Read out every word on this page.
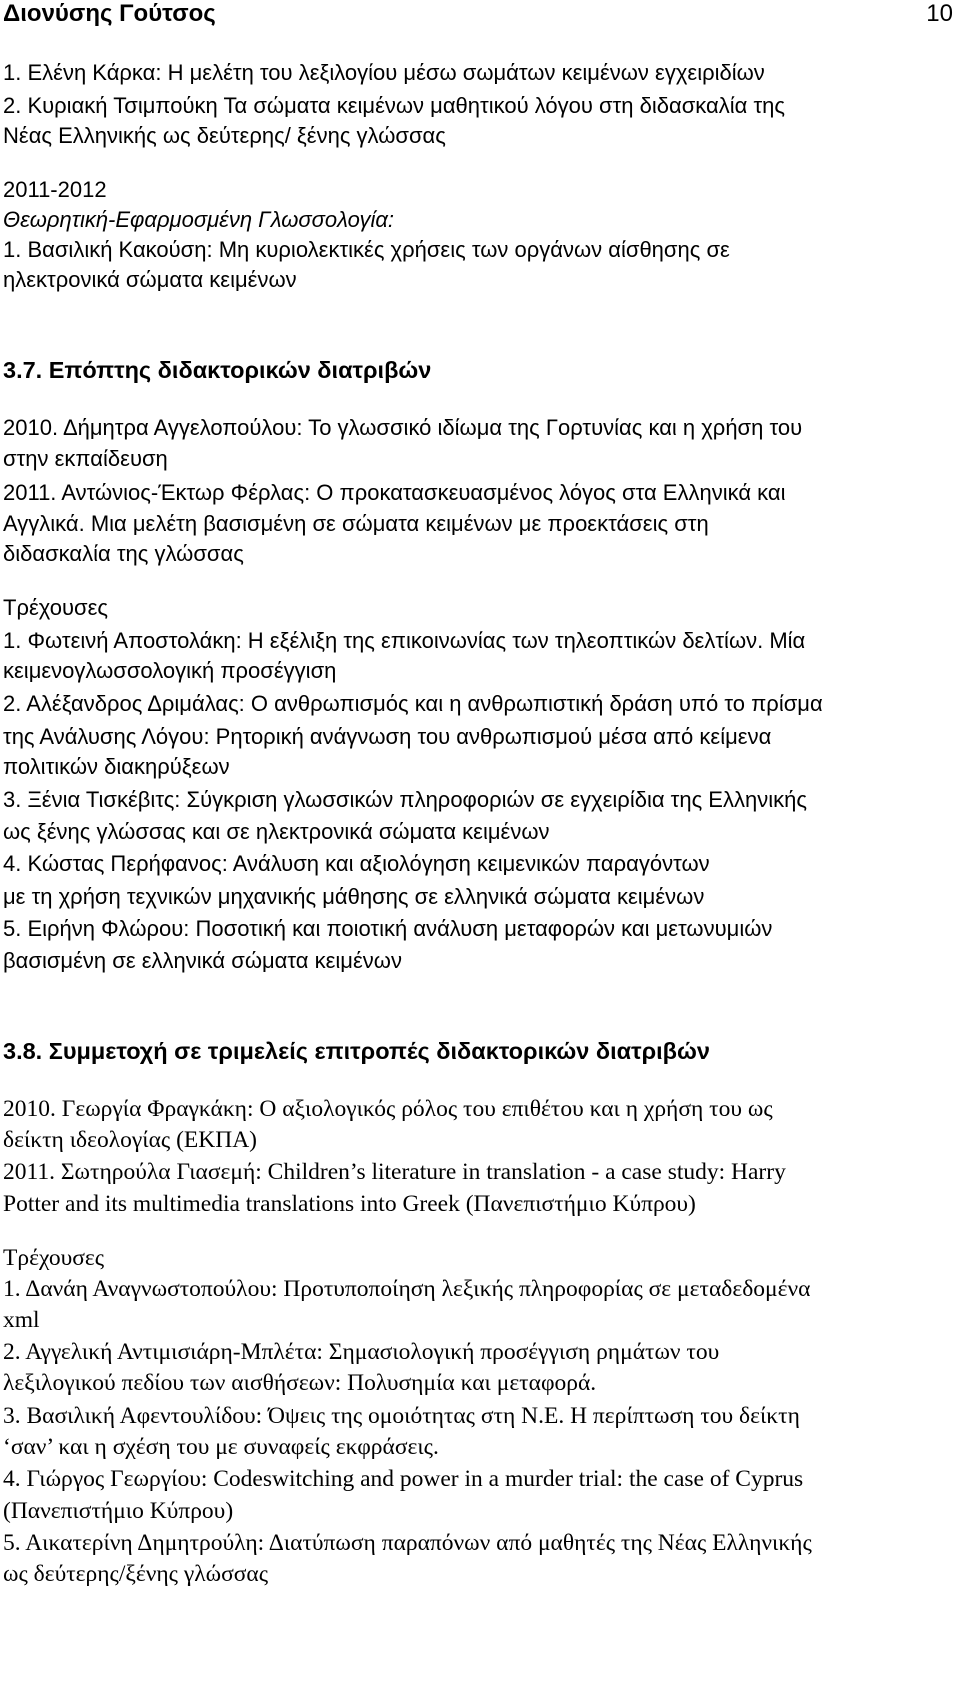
Διονύσης Γούτσος	10
1. Ελένη Κάρκα: Η μελέτη του λεξιλογίου μέσω σωμάτων κειμένων εγχειριδίων
2. Κυριακή Τσιμπούκη Τα σώματα κειμένων μαθητικού λόγου στη διδασκαλία της
Νέας Ελληνικής ως δεύτερης/ ξένης γλώσσας
2011-2012
Θεωρητική-Εφαρμοσμένη Γλωσσολογία:
1. Βασιλική Κακούση: Μη κυριολεκτικές χρήσεις των οργάνων αίσθησης σε
ηλεκτρονικά σώματα κειμένων
3.7. Επόπτης διδακτορικών διατριβών
2010. Δήμητρα Αγγελοπούλου: Το γλωσσικό ιδίωμα της Γορτυνίας και η χρήση του
στην εκπαίδευση
2011. Αντώνιος-Έκτωρ Φέρλας: Ο προκατασκευασμένος λόγος στα Ελληνικά και
Αγγλικά. Μια μελέτη βασισμένη σε σώματα κειμένων με προεκτάσεις στη
διδασκαλία της γλώσσας
Τρέχουσες
1. Φωτεινή Αποστολάκη: Η εξέλιξη της επικοινωνίας των τηλεοπτικών δελτίων. Μία
κειμενογλωσσολογική προσέγγιση
2. Αλέξανδρος Δριμάλας: Ο ανθρωπισμός και η ανθρωπιστική δράση υπό το πρίσμα
της Ανάλυσης Λόγου: Ρητορική ανάγνωση του ανθρωπισμού μέσα από κείμενα
πολιτικών διακηρύξεων
3. Ξένια Τισκέβιτς: Σύγκριση γλωσσικών πληροφοριών σε εγχειρίδια της Ελληνικής
ως ξένης γλώσσας και σε ηλεκτρονικά σώματα κειμένων
4. Κώστας Περήφανος: Ανάλυση και αξιολόγηση κειμενικών παραγόντων
με τη χρήση τεχνικών μηχανικής μάθησης σε ελληνικά σώματα κειμένων
5. Ειρήνη Φλώρου: Ποσοτική και ποιοτική ανάλυση μεταφορών και μετωνυμιών
βασισμένη σε ελληνικά σώματα κειμένων
3.8. Συμμετοχή σε τριμελείς επιτροπές διδακτορικών διατριβών
2010. Γεωργία Φραγκάκη: Ο αξιολογικός ρόλος του επιθέτου και η χρήση του ως
δείκτη ιδεολογίας (ΕΚΠΑ)
2011. Σωτηρούλα Γιασεμή: Children’s literature in translation - a case study: Harry
Potter and its multimedia translations into Greek (Πανεπιστήμιο Κύπρου)
Τρέχουσες
1. Δανάη Αναγνωστοπούλου: Προτυποποίηση λεξικής πληροφορίας σε μεταδεδομένα
xml
2. Αγγελική Αντιμισιάρη-Μπλέτα: Σημασιολογική προσέγγιση ρημάτων του
λεξιλογικού πεδίου των αισθήσεων: Πολυσημία και μεταφορά.
3. Βασιλική Αφεντουλίδου: Όψεις της ομοιότητας στη Ν.Ε. Η περίπτωση του δείκτη
‘σαν’ και η σχέση του με συναφείς εκφράσεις.
4. Γιώργος Γεωργίου: Codeswitching and power in a murder trial: the case of Cyprus
(Πανεπιστήμιο Κύπρου)
5. Αικατερίνη Δημητρούλη: Διατύπωση παραπόνων από μαθητές της Νέας Ελληνικής
ως δεύτερης/ξένης γλώσσας
